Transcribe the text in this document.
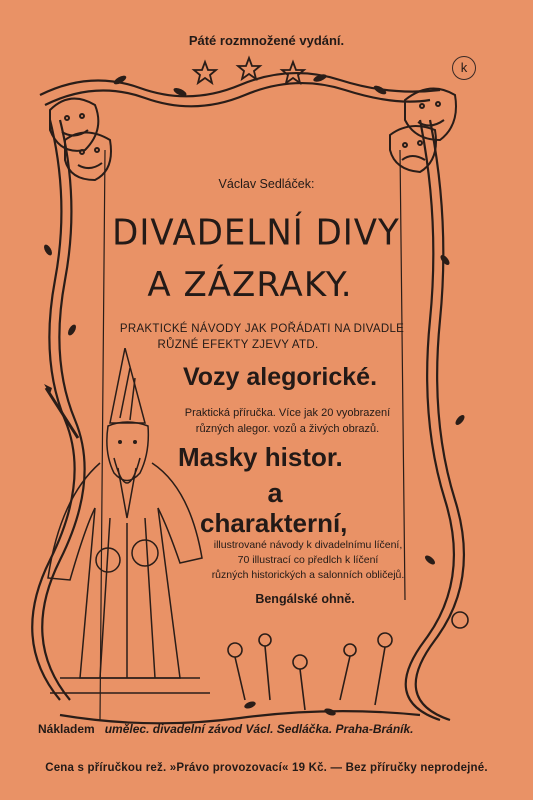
Páté rozmnožené vydání.
k
Václav Sedláček:
DIVADELNÍ DIVY
A ZÁZRAKY.
PRAKTICKÉ NÁVODY JAK POŘÁDATI NA DIVADLE
RŮZNÉ EFEKTY ZJEVY ATD.
Vozy alegorické.
Praktická příručka. Více jak 20 vyobrazení
různých alegor. vozů a živých obrazů.
Masky histor.
a
charakterní,
illustrované návody k divadelnímu líčení,
70 illustrací co předlch k líčení
různých historických a salonních obličejů.
Bengálské ohně.
Nákladem umělec. divadelní závod Václ. Sedláčka. Praha-Bráník.
Cena s příručkou rež. »Právo provozovací« 19 Kč. — Bez příručky neprodejné.
